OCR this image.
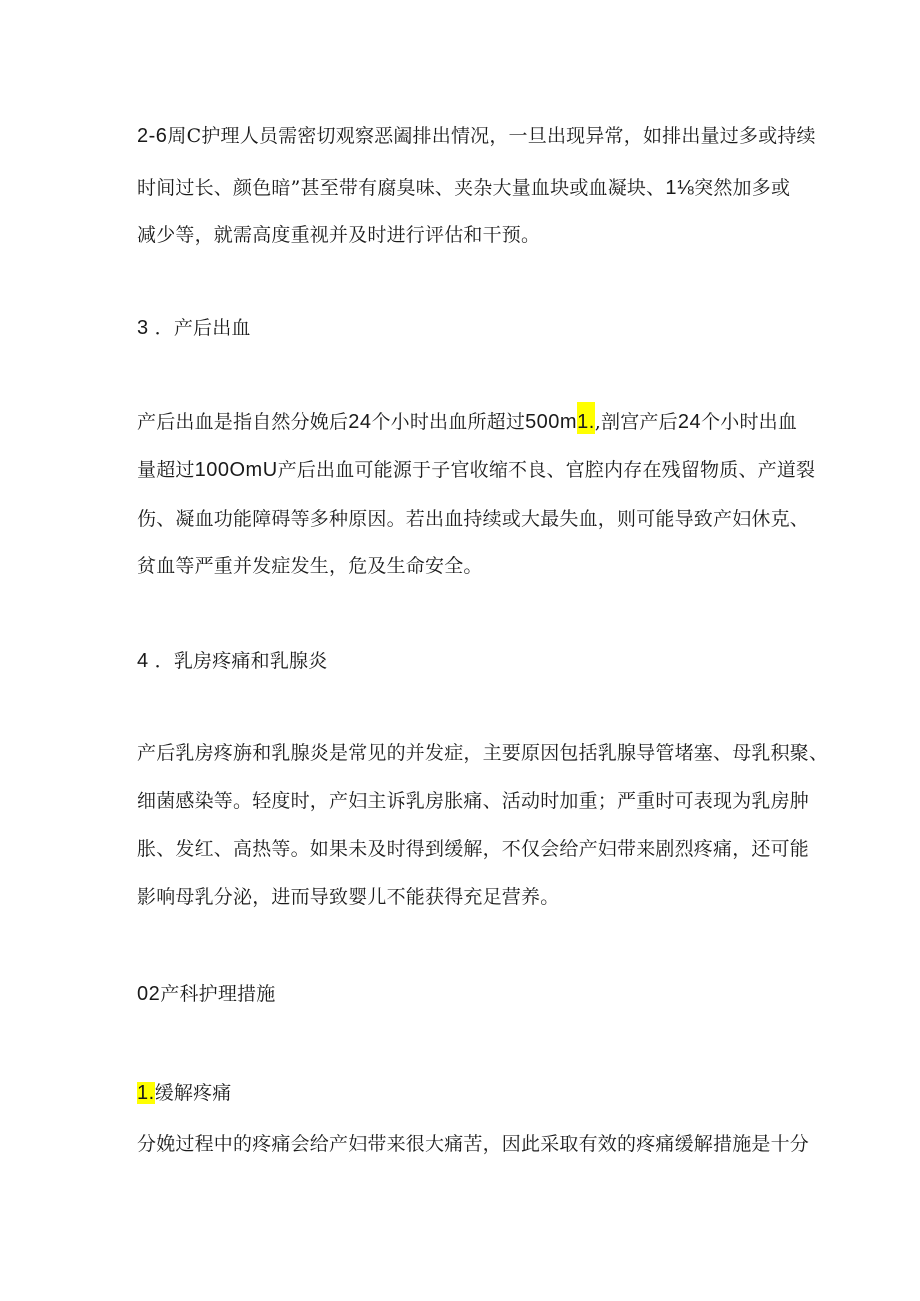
2-6周C护理人员需密切观察恶阖排出情况，一旦出现异常，如排出量过多或持续
时间过长、颜色暗”甚至带有腐臭味、夹杂大量血块或血凝块、1⅛突然加多或
减少等，就需高度重视并及时进行评估和干预。
3 ．产后出血
产后出血是指自然分娩后24个小时出血所超过500m1.,剖宫产后24个小时出血
量超过100OmU产后出血可能源于子官收缩不良、官腔内存在残留物质、产道裂
伤、凝血功能障碍等多种原因。若出血持续或大最失血，则可能导致产妇休克、
贫血等严重并发症发生，危及生命安全。
4 ．乳房疼痛和乳腺炎
产后乳房疼旃和乳腺炎是常见的并发症，主要原因包括乳腺导管堵塞、母乳积聚、
细菌感染等。轻度时，产妇主诉乳房胀痛、活动时加重；严重时可表现为乳房肿
胀、发红、高热等。如果未及时得到缓解，不仅会给产妇带来剧烈疼痛，还可能
影响母乳分泌，进而导致婴儿不能获得充足营养。
02产科护理措施
1.缓解疼痛
分娩过程中的疼痛会给产妇带来很大痛苦，因此采取有效的疼痛缓解措施是十分
